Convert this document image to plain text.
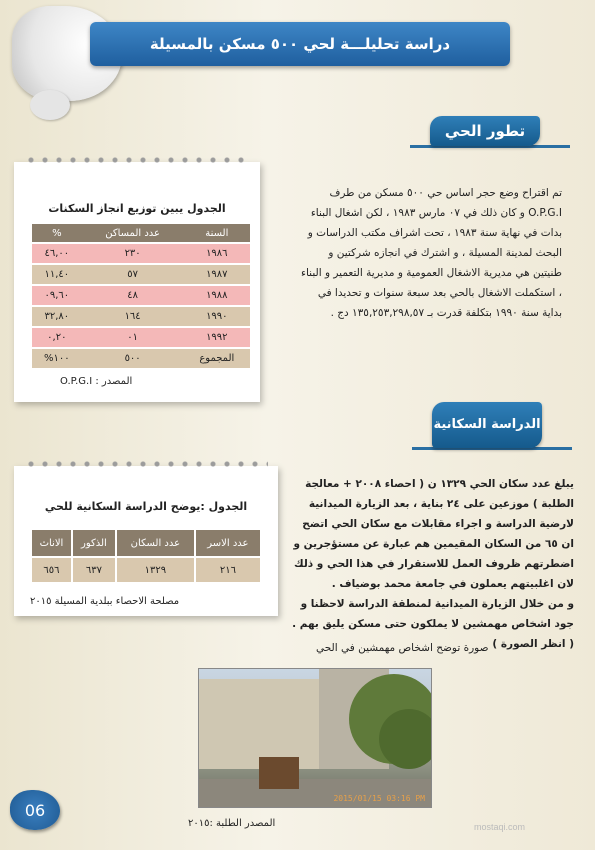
دراسة تحليلـــة لحي ٥٠٠ مسكن بالمسيلة
تطور الحي
الدراسة السكانية
الجدول يبين توزيع انجاز السكنات
السنة	عدد المساكن	%
١٩٨٦	٢٣٠	٤٦,٠٠
١٩٨٧	٥٧	١١,٤٠
١٩٨٨	٤٨	٠٩,٦٠
١٩٩٠	١٦٤	٣٢,٨٠
١٩٩٢	٠١	٠,٢٠
المجموع	٥٠٠	١٠٠%
المصدر : O.P.G.I
تم اقتراح وضع حجر اساس حي ٥٠٠ مسكن من طرف O.P.G.I و كان ذلك في ٠٧ مارس ١٩٨٣ ، لكن اشغال البناء بدات في نهاية سنة ١٩٨٣ ، تحت اشراف مكتب الدراسات و البحث لمدينة المسيلة ، و اشترك في انجازه شركتين و طنيتين هي مديرية الاشغال العمومية و مديرية التعمير و البناء ، استكملت الاشغال بالحي بعد سبعة سنوات و تحديدا في بداية سنة ١٩٩٠ بتكلفة قدرت بـ ١٣٥,٢٥٣,٢٩٨,٥٧ دج .
الجدول :يوضح الدراسة السكانية للحي
عدد الاسر	عدد السكان	الذكور	الاناث
٢١٦	١٣٢٩	٦٣٧	٦٥٦
مصلحة الاحصاء ببلدية المسيلة ٢٠١٥

يبلغ عدد سكان الحي ١٣٢٩ ن ( احصاء ٢٠٠٨ + معالجة الطلبة ) موزعين على ٢٤ بناية ، بعد الزيارة الميدانية لارضية الدراسة و اجراء مقابلات مع سكان الحي اتضح ان ٦٥ من السكان المقيمين هم عبارة عن مستؤجرين و اضطرتهم ظروف العمل للاستقرار في هذا الحي و ذلك لان اغلبيتهم يعملون في جامعة محمد بوضياف .

و من خلال الزيارة الميدانية لمنطقة الدراسة لاحظنا و جود اشخاص مهمشين لا يملكون حتى مسكن يليق بهم .( انظر الصورة )

صورة توضح اشخاص مهمشين في الحي
2015/01/15 03:16 PM
المصدر الطلبة :٢٠١٥
06
mostaqi.com
